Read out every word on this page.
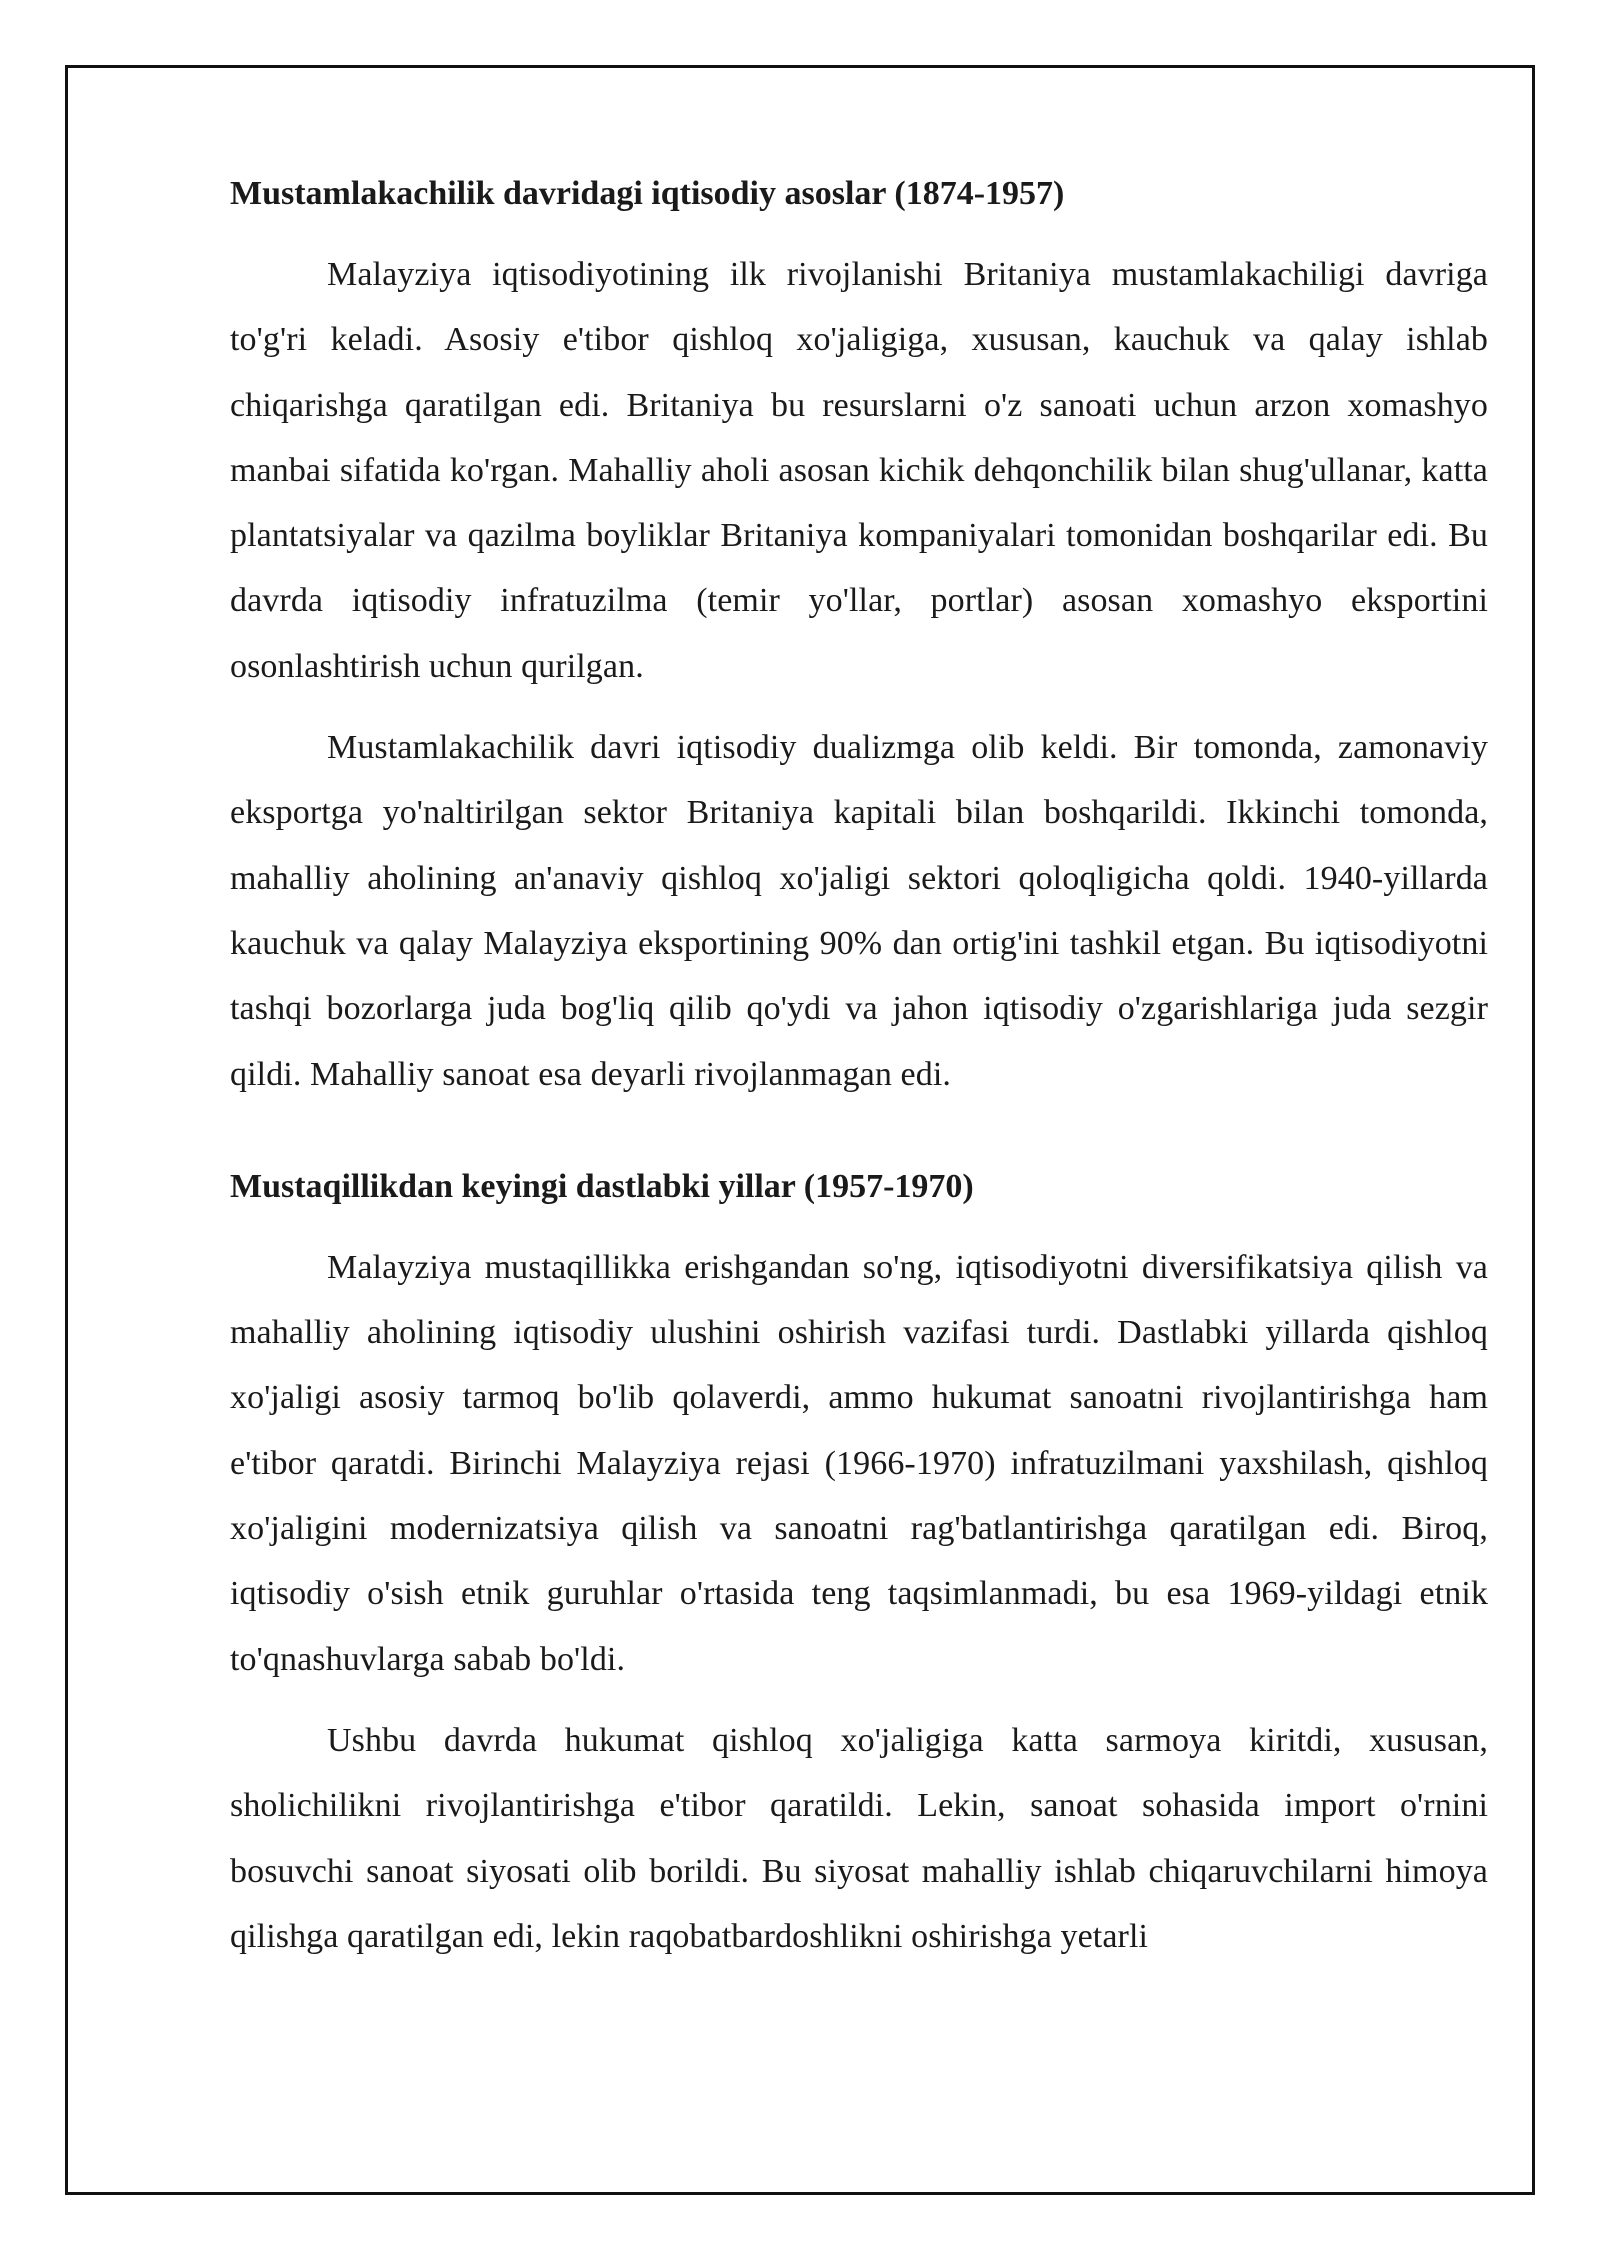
Mustamlakachilik davridagi iqtisodiy asoslar (1874-1957)

Malayziya iqtisodiyotining ilk rivojlanishi Britaniya mustamlakachiligi davriga to'g'ri keladi. Asosiy e'tibor qishloq xo'jaligiga, xususan, kauchuk va qalay ishlab chiqarishga qaratilgan edi. Britaniya bu resurslarni o'z sanoati uchun arzon xomashyo manbai sifatida ko'rgan. Mahalliy aholi asosan kichik dehqonchilik bilan shug'ullanar, katta plantatsiyalar va qazilma boyliklar Britaniya kompaniyalari tomonidan boshqarilar edi. Bu davrda iqtisodiy infratuzilma (temir yo'llar, portlar) asosan xomashyo eksportini osonlashtirish uchun qurilgan.

Mustamlakachilik davri iqtisodiy dualizmga olib keldi. Bir tomonda, zamonaviy eksportga yo'naltirilgan sektor Britaniya kapitali bilan boshqarildi. Ikkinchi tomonda, mahalliy aholining an'anaviy qishloq xo'jaligi sektori qoloqligicha qoldi. 1940-yillarda kauchuk va qalay Malayziya eksportining 90% dan ortig'ini tashkil etgan. Bu iqtisodiyotni tashqi bozorlarga juda bog'liq qilib qo'ydi va jahon iqtisodiy o'zgarishlariga juda sezgir qildi. Mahalliy sanoat esa deyarli rivojlanmagan edi.

Mustaqillikdan keyingi dastlabki yillar (1957-1970)

Malayziya mustaqillikka erishgandan so'ng, iqtisodiyotni diversifikatsiya qilish va mahalliy aholining iqtisodiy ulushini oshirish vazifasi turdi. Dastlabki yillarda qishloq xo'jaligi asosiy tarmoq bo'lib qolaverdi, ammo hukumat sanoatni rivojlantirishga ham e'tibor qaratdi. Birinchi Malayziya rejasi (1966-1970) infratuzilmani yaxshilash, qishloq xo'jaligini modernizatsiya qilish va sanoatni rag'batlantirishga qaratilgan edi. Biroq, iqtisodiy o'sish etnik guruhlar o'rtasida teng taqsimlanmadi, bu esa 1969-yildagi etnik to'qnashuvlarga sabab bo'ldi.

Ushbu davrda hukumat qishloq xo'jaligiga katta sarmoya kiritdi, xususan, sholichilikni rivojlantirishga e'tibor qaratildi. Lekin, sanoat sohasida import o'rnini bosuvchi sanoat siyosati olib borildi. Bu siyosat mahalliy ishlab chiqaruvchilarni himoya qilishga qaratilgan edi, lekin raqobatbardoshlikni oshirishga yetarli
